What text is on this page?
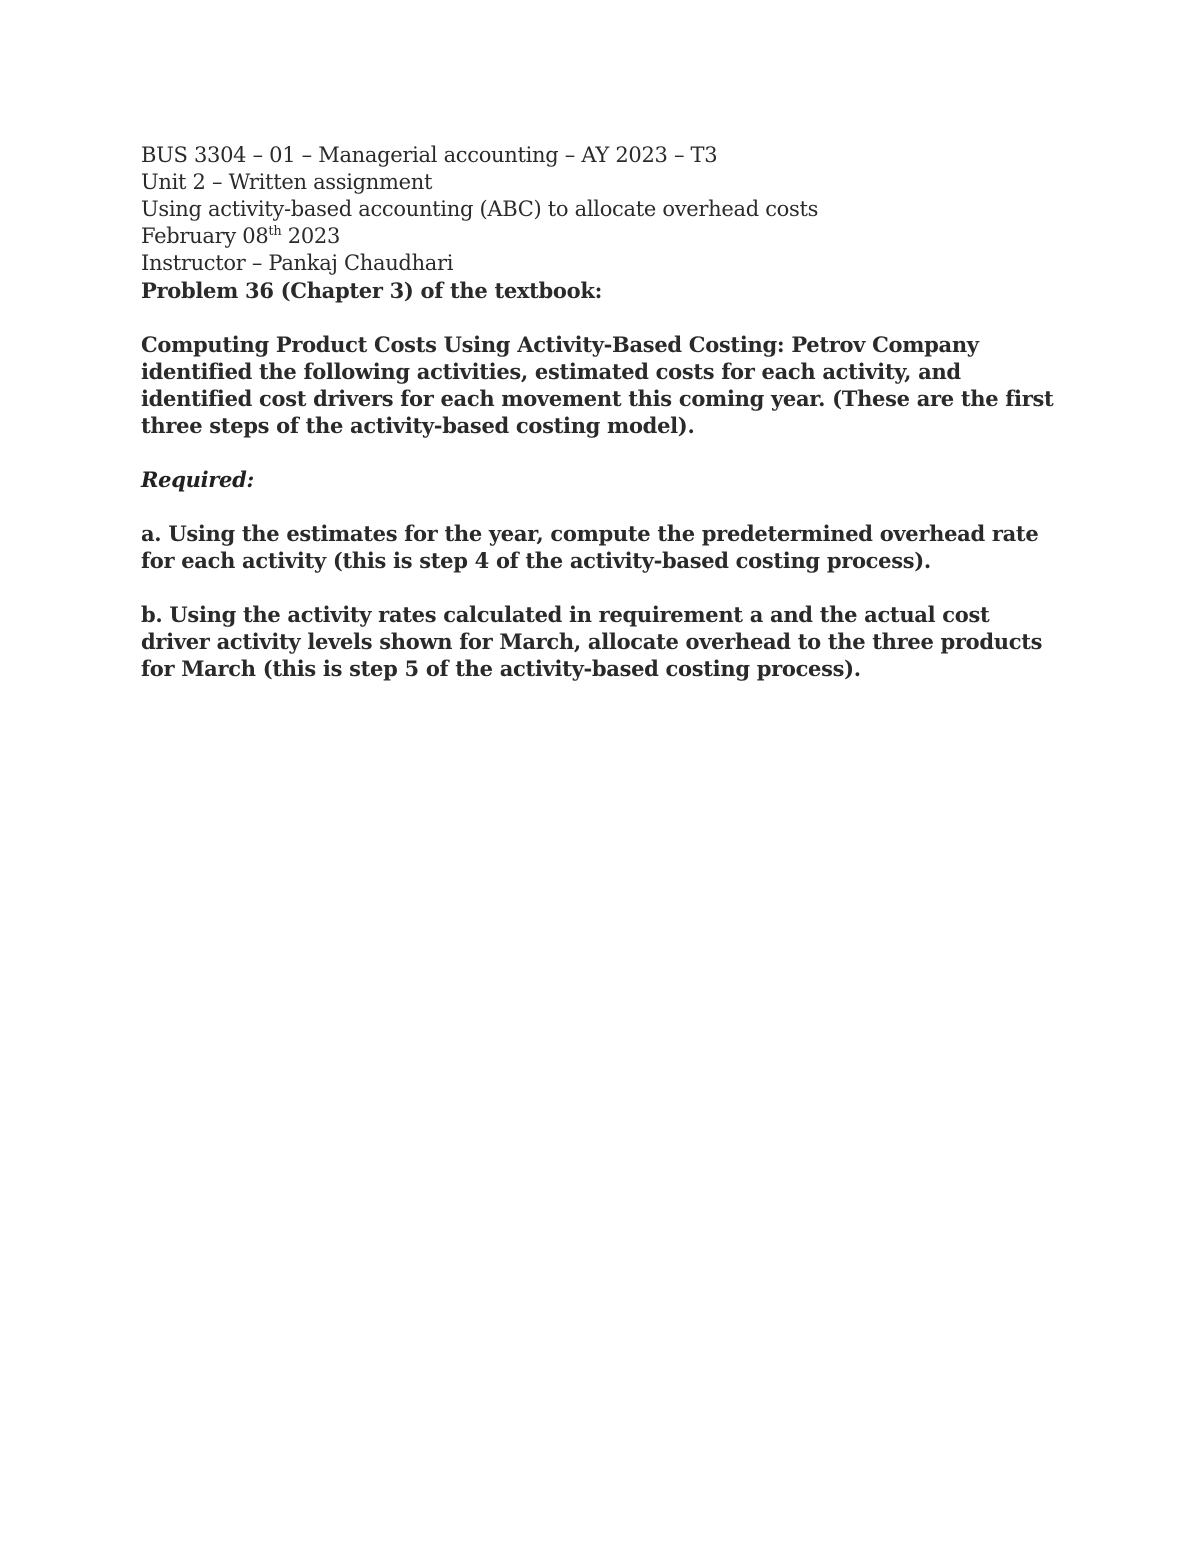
BUS 3304 – 01 – Managerial accounting – AY 2023 – T3

Unit 2 – Written assignment

Using activity-based accounting (ABC) to allocate overhead costs

February 08th 2023

Instructor – Pankaj Chaudhari

Problem 36 (Chapter 3) of the textbook:

Computing Product Costs Using Activity-Based Costing: Petrov Company identified the following activities, estimated costs for each activity, and identified cost drivers for each movement this coming year. (These are the first three steps of the activity-based costing model).

Required:

a. Using the estimates for the year, compute the predetermined overhead rate for each activity (this is step 4 of the activity-based costing process).

b. Using the activity rates calculated in requirement a and the actual cost driver activity levels shown for March, allocate overhead to the three products for March (this is step 5 of the activity-based costing process).
